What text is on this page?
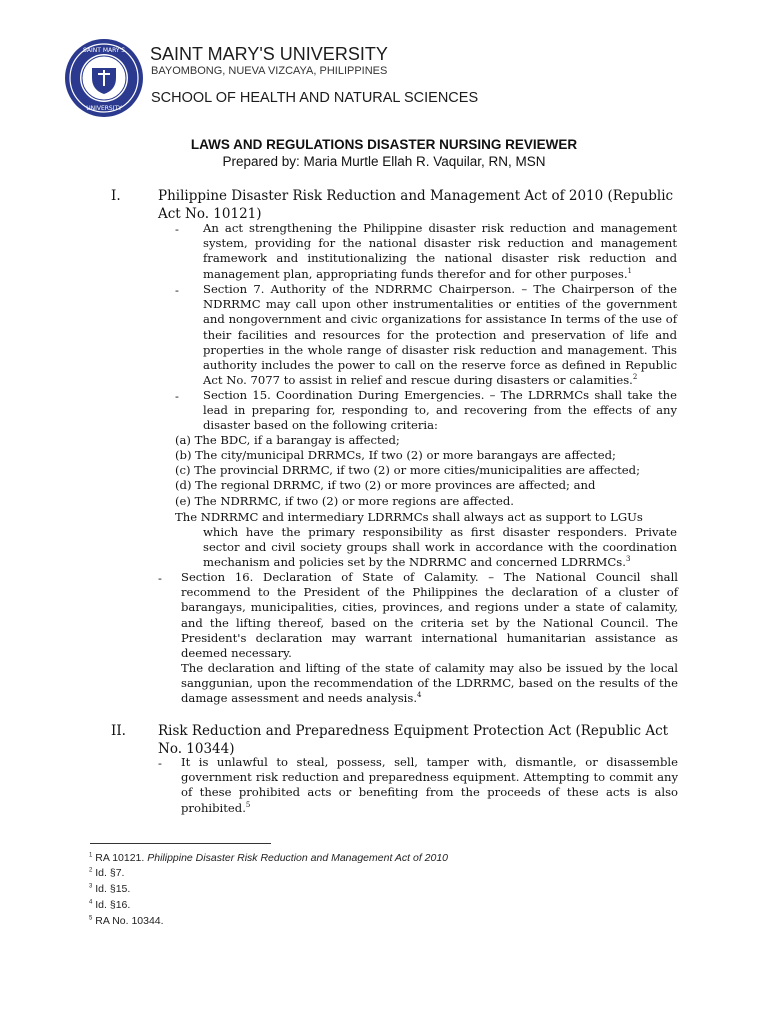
SAINT MARY'S
UNIVERSITY
SAINT MARY'S UNIVERSITY
BAYOMBONG, NUEVA VIZCAYA, PHILIPPINES
SCHOOL OF HEALTH AND NATURAL SCIENCES
LAWS AND REGULATIONS DISASTER NURSING REVIEWER
Prepared by: Maria Murtle Ellah R. Vaquilar, RN, MSN
I.	Philippine Disaster Risk Reduction and Management Act of 2010 (Republic Act No. 10121)
- An act strengthening the Philippine disaster risk reduction and management system, providing for the national disaster risk reduction and management framework and institutionalizing the national disaster risk reduction and management plan, appropriating funds therefor and for other purposes.$^1$
- Section 7. Authority of the NDRRMC Chairperson. – The Chairperson of the NDRRMC may call upon other instrumentalities or entities of the government and nongovernment and civic organizations for assistance In terms of the use of their facilities and resources for the protection and preservation of life and properties in the whole range of disaster risk reduction and management. This authority includes the power to call on the reserve force as defined in Republic Act No. 7077 to assist in relief and rescue during disasters or calamities.$^2$
- Section 15. Coordination During Emergencies. – The LDRRMCs shall take the lead in preparing for, responding to, and recovering from the effects of any disaster based on the following criteria:
(a) The BDC, if a barangay is affected;
(b) The city/municipal DRRMCs, If two (2) or more barangays are affected;
(c) The provincial DRRMC, if two (2) or more cities/municipalities are affected;
(d) The regional DRRMC, if two (2) or more provinces are affected; and
(e) The NDRRMC, if two (2) or more regions are affected.
The NDRRMC and intermediary LDRRMCs shall always act as support to LGUs
which have the primary responsibility as first disaster responders. Private sector and civil society groups shall work in accordance with the coordination mechanism and policies set by the NDRRMC and concerned LDRRMCs.$^3$
- Section 16. Declaration of State of Calamity. – The National Council shall recommend to the President of the Philippines the declaration of a cluster of barangays, municipalities, cities, provinces, and regions under a state of calamity, and the lifting thereof, based on the criteria set by the National Council. The President's declaration may warrant international humanitarian assistance as deemed necessary.
The declaration and lifting of the state of calamity may also be issued by the local sanggunian, upon the recommendation of the LDRRMC, based on the results of the damage assessment and needs analysis.$^4$
II. Risk Reduction and Preparedness Equipment Protection Act (Republic Act No. 10344)
- It is unlawful to steal, possess, sell, tamper with, dismantle, or disassemble government risk reduction and preparedness equipment. Attempting to commit any of these prohibited acts or benefiting from the proceeds of these acts is also prohibited.$^5$
$^1$ RA 10121. Philippine Disaster Risk Reduction and Management Act of 2010
$^2$ Id. §7.
$^3$ Id. §15.
$^4$ Id. §16.
$^5$ RA No. 10344.
